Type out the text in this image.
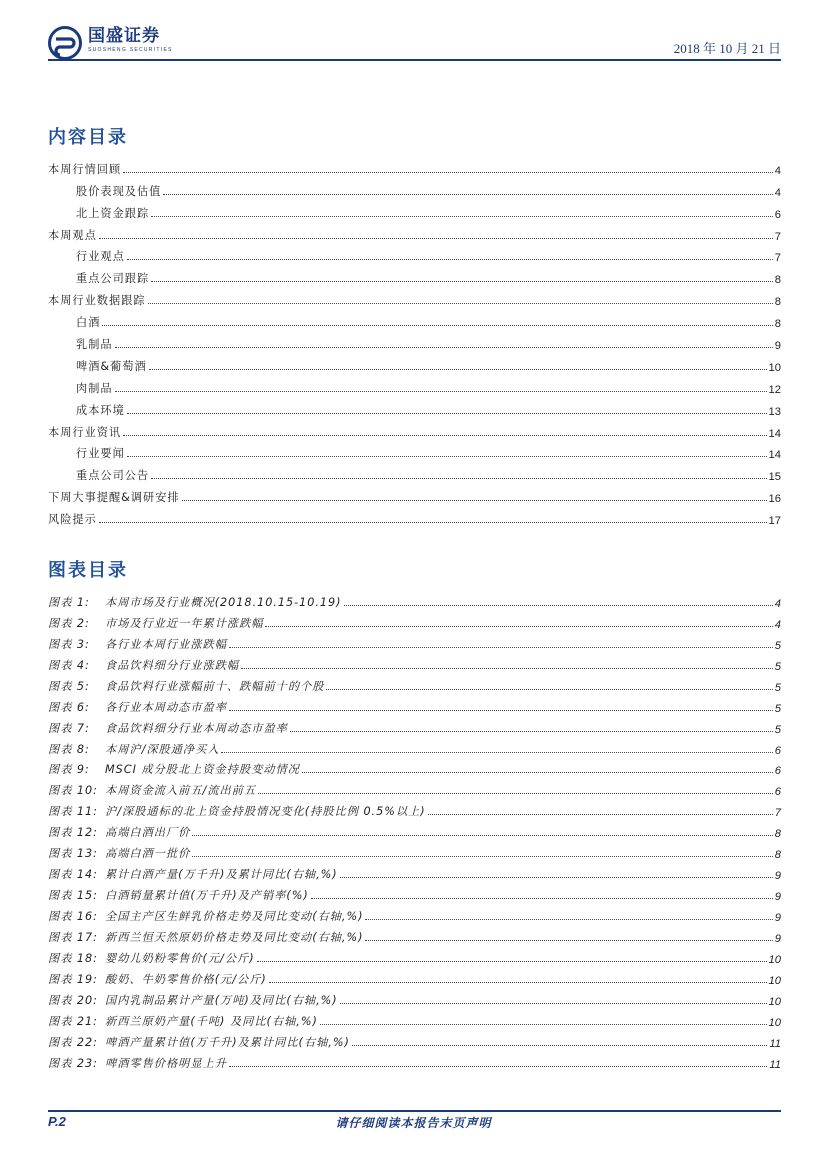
国盛证券
SUOSHENG SECURITIES	2018 年 10 月 21 日
内容目录
本周行情回顾	4
股价表现及估值	4
北上资金跟踪	6
本周观点	7
行业观点	7
重点公司跟踪	8
本周行业数据跟踪	8
白酒	8
乳制品	9
啤酒&葡萄酒	10
肉制品	12
成本环境	13
本周行业资讯	14
行业要闻	14
重点公司公告	15
下周大事提醒&调研安排	16
风险提示	17
图表目录
图表 1: 本周市场及行业概况(2018.10.15-10.19)	4
图表 2: 市场及行业近一年累计涨跌幅	4
图表 3: 各行业本周行业涨跌幅	5
图表 4: 食品饮料细分行业涨跌幅	5
图表 5: 食品饮料行业涨幅前十、跌幅前十的个股	5
图表 6: 各行业本周动态市盈率	5
图表 7: 食品饮料细分行业本周动态市盈率	5
图表 8: 本周沪/深股通净买入	6
图表 9: MSCI 成分股北上资金持股变动情况	6
图表 10: 本周资金流入前五/流出前五	6
图表 11: 沪/深股通标的北上资金持股情况变化(持股比例 0.5%以上)	7
图表 12: 高端白酒出厂价	8
图表 13: 高端白酒一批价	8
图表 14: 累计白酒产量(万千升)及累计同比(右轴,%)	9
图表 15: 白酒销量累计值(万千升)及产销率(%)	9
图表 16: 全国主产区生鲜乳价格走势及同比变动(右轴,%)	9
图表 17: 新西兰恒天然原奶价格走势及同比变动(右轴,%)	9
图表 18: 婴幼儿奶粉零售价(元/公斤)	10
图表 19: 酸奶、牛奶零售价格(元/公斤)	10
图表 20: 国内乳制品累计产量(万吨)及同比(右轴,%)	10
图表 21: 新西兰原奶产量(千吨) 及同比(右轴,%)	10
图表 22: 啤酒产量累计值(万千升)及累计同比(右轴,%)	11
图表 23: 啤酒零售价格明显上升	11
P.2	请仔细阅读本报告末页声明
